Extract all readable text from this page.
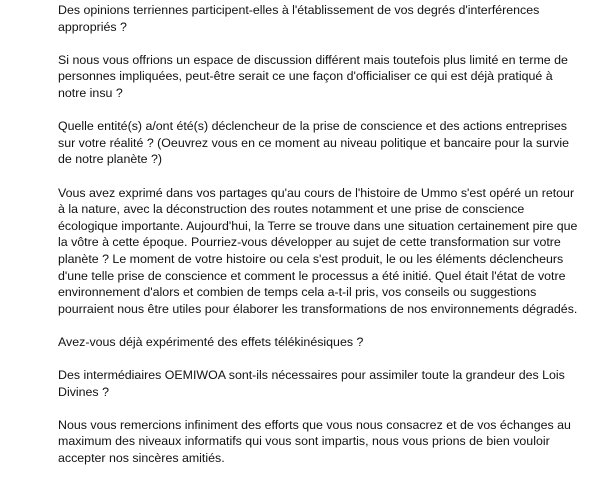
Des opinions terriennes participent-elles à l'établissement de vos degrés d'interférences appropriés ?

Si nous vous offrions un espace de discussion différent mais toutefois plus limité en terme de personnes impliquées, peut-être serait ce une façon d'officialiser ce qui est déjà pratiqué à notre insu ?

Quelle entité(s) a/ont été(s) déclencheur de la prise de conscience et des actions entreprises sur votre réalité ? (Oeuvrez vous en ce moment au niveau politique et bancaire pour la survie de notre planète ?)

Vous avez exprimé dans vos partages qu'au cours de l'histoire de Ummo s'est opéré un retour à la nature, avec la déconstruction des routes notamment et une prise de conscience écologique importante. Aujourd'hui, la Terre se trouve dans une situation certainement pire que la vôtre à cette époque. Pourriez-vous développer au sujet de cette transformation sur votre planète ? Le moment de votre histoire ou cela s'est produit, le ou les éléments déclencheurs d'une telle prise de conscience et comment le processus a été initié. Quel était l'état de votre environnement d'alors et combien de temps cela a-t-il pris, vos conseils ou suggestions pourraient nous être utiles pour élaborer les transformations de nos environnements dégradés.

Avez-vous déjà expérimenté des effets télékinésiques ?

Des intermédiaires OEMIWOA sont-ils nécessaires pour assimiler toute la grandeur des Lois Divines ?

Nous vous remercions infiniment des efforts que vous nous consacrez et de vos échanges au maximum des niveaux informatifs qui vous sont impartis, nous vous prions de bien vouloir accepter nos sincères amitiés.
